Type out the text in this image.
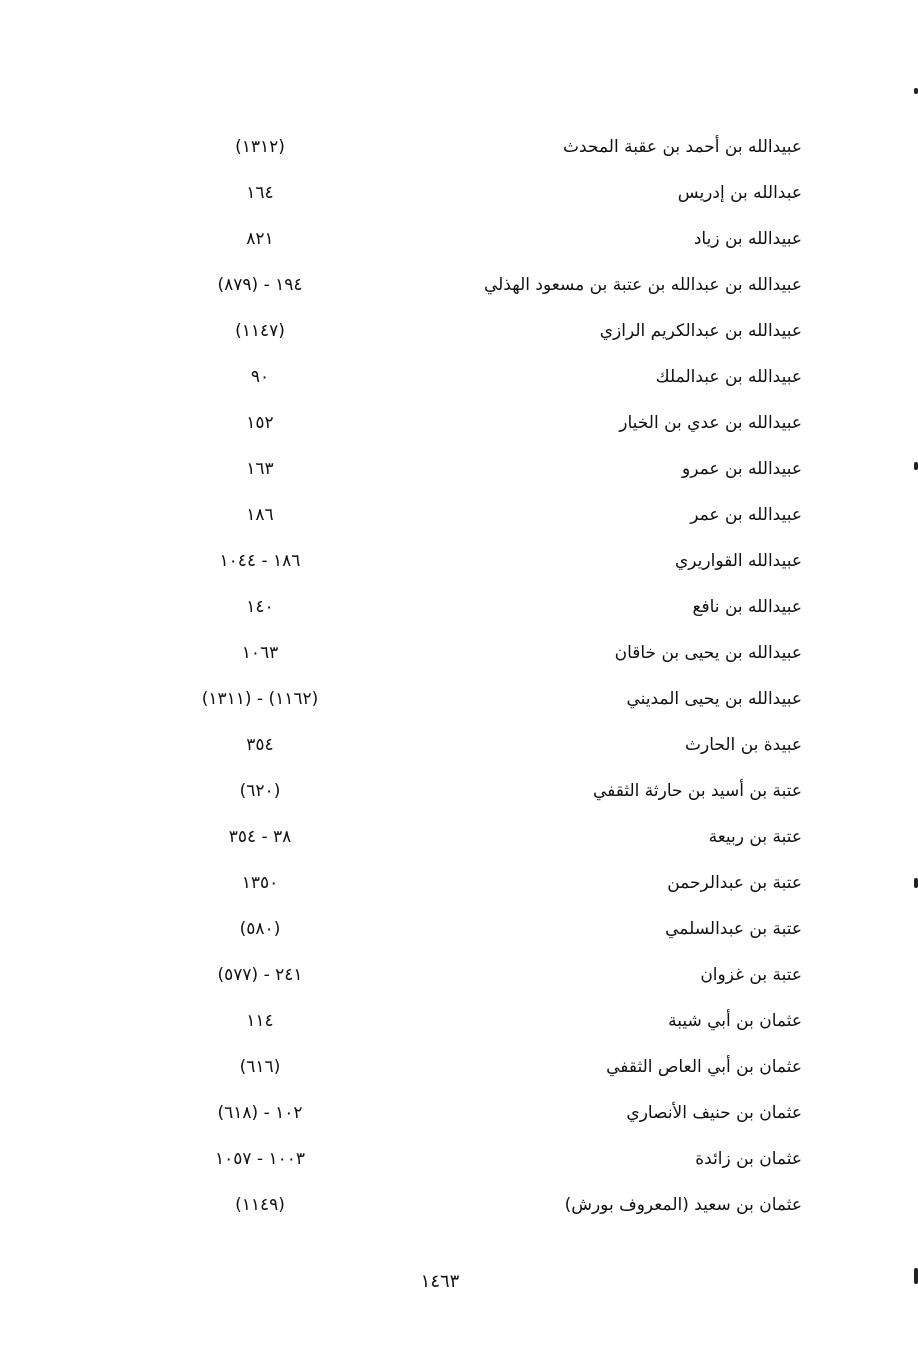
عبيدالله بن أحمد بن عقبة المحدث
(١٣١٢)
عبدالله بن إدريس
١٦٤
عبيدالله بن زياد
٨٢١
عبيدالله بن عبدالله بن عتبة بن مسعود الهذلي
١٩٤ - (٨٧٩)
عبيدالله بن عبدالكريم الرازي
(١١٤٧)
عبيدالله بن عبدالملك
٩٠
عبيدالله بن عدي بن الخيار
١٥٢
عبيدالله بن عمرو
١٦٣
عبيدالله بن عمر
١٨٦
عبيدالله القواريري
١٨٦ - ١٠٤٤
عبيدالله بن نافع
١٤٠
عبيدالله بن يحيى بن خاقان
١٠٦٣
عبيدالله بن يحيى المديني
(١١٦٢) - (١٣١١)
عبيدة بن الحارث
٣٥٤
عتبة بن أسيد بن حارثة الثقفي
(٦٢٠)
عتبة بن ربيعة
٣٨ - ٣٥٤
عتبة بن عبدالرحمن
١٣٥٠
عتبة بن عبدالسلمي
(٥٨٠)
عتبة بن غزوان
٢٤١ - (٥٧٧)
عثمان بن أبي شيبة
١١٤
عثمان بن أبي العاص الثقفي
(٦١٦)
عثمان بن حنيف الأنصاري
١٠٢ - (٦١٨)
عثمان بن زائدة
١٠٠٣ - ١٠٥٧
عثمان بن سعيد (المعروف بورش)
(١١٤٩)
١٤٦٣
